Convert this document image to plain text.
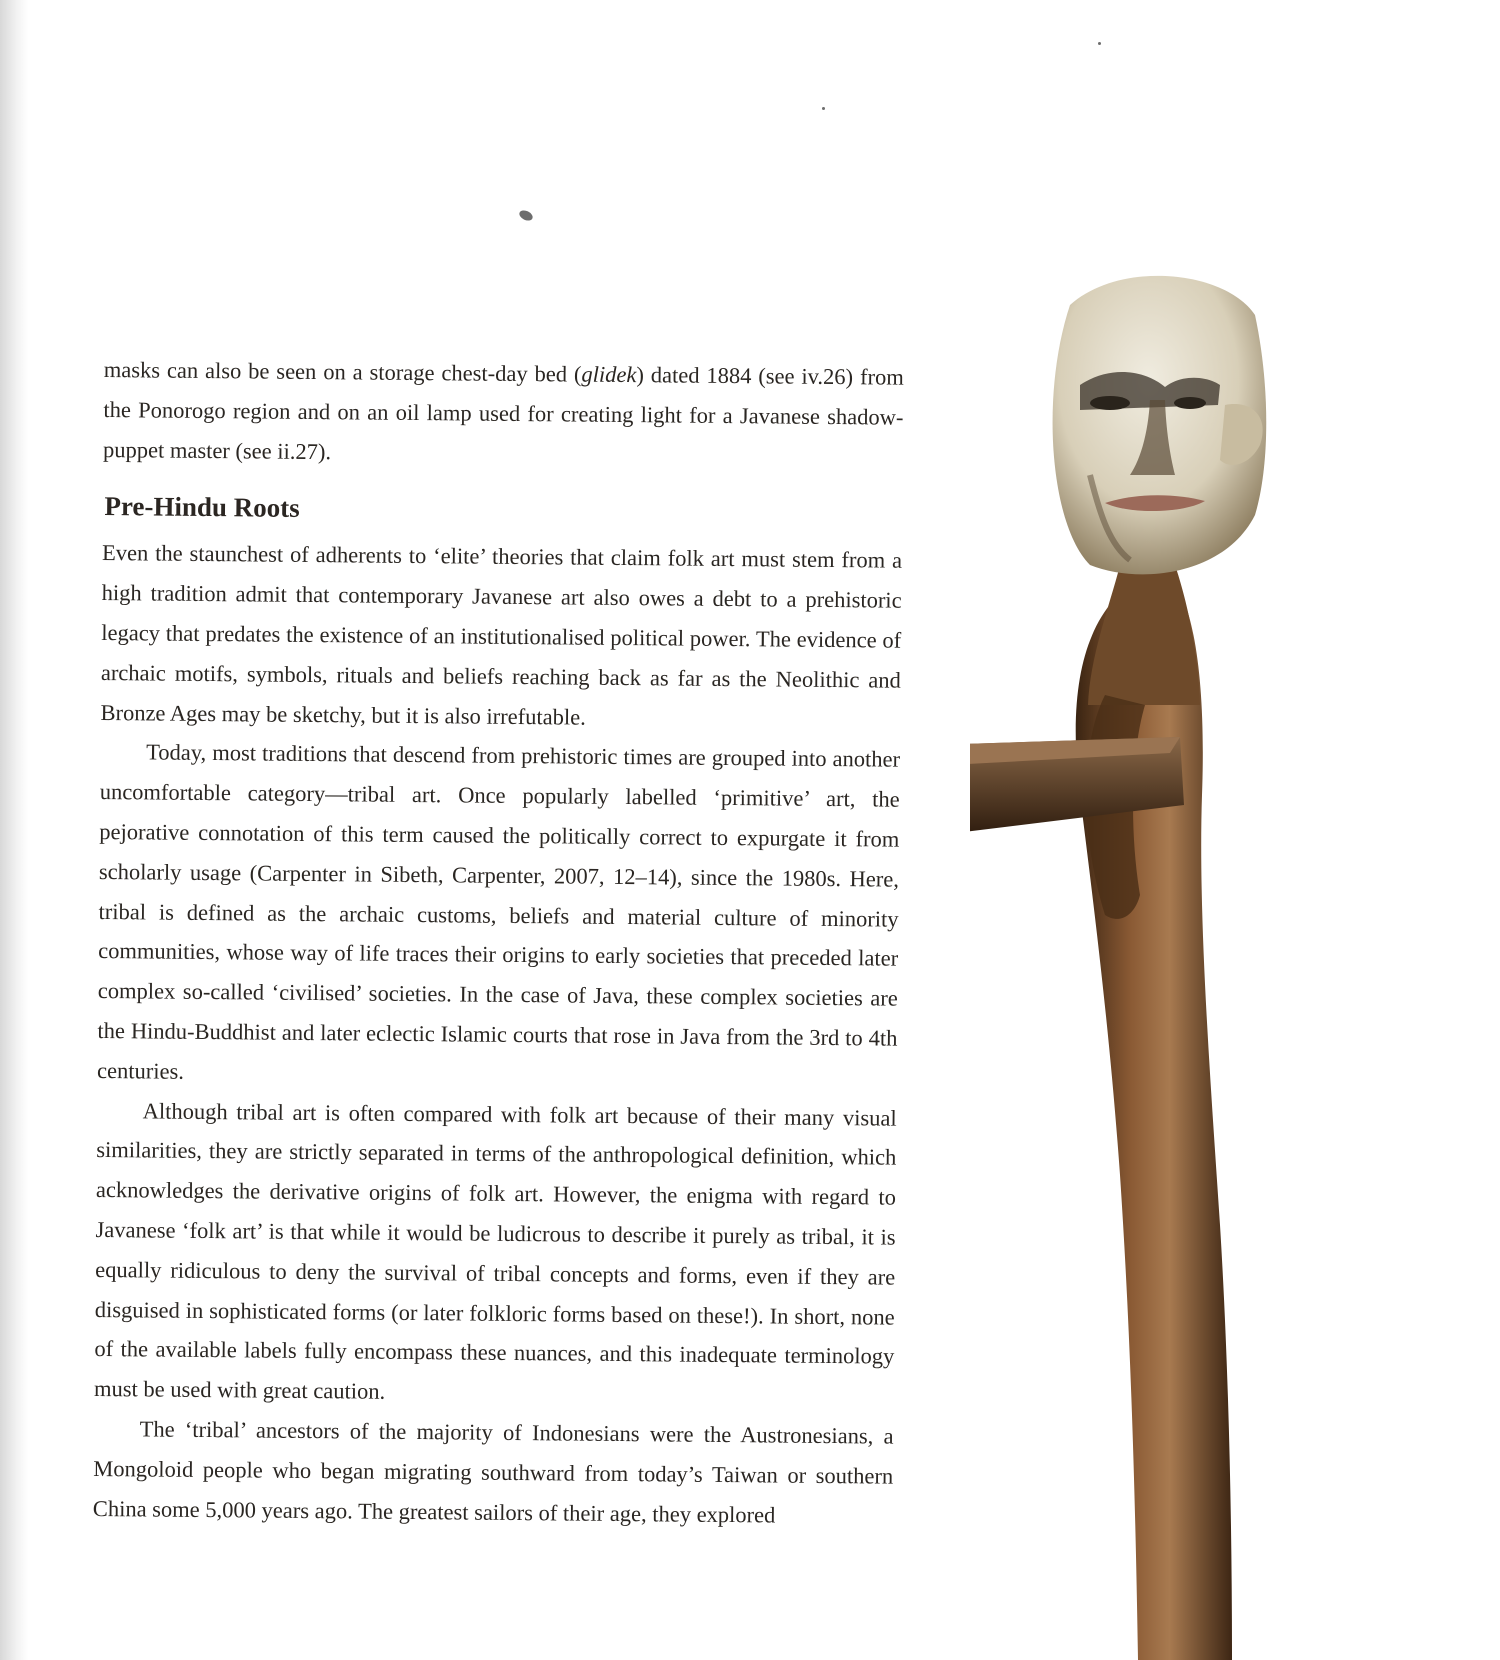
masks can also be seen on a storage chest-day bed (glidek) dated 1884 (see iv.26) from the Ponorogo region and on an oil lamp used for creating light for a Javanese shadow-puppet master (see ii.27).

Pre-Hindu Roots

Even the staunchest of adherents to ‘elite’ theories that claim folk art must stem from a high tradition admit that contemporary Javanese art also owes a debt to a prehistoric legacy that predates the existence of an institutionalised political power. The evidence of archaic motifs, symbols, rituals and beliefs reaching back as far as the Neolithic and Bronze Ages may be sketchy, but it is also irrefutable.

Today, most traditions that descend from prehistoric times are grouped into another uncomfortable category—tribal art. Once popularly labelled ‘primitive’ art, the pejorative connotation of this term caused the politically correct to expurgate it from scholarly usage (Carpenter in Sibeth, Carpenter, 2007, 12–14), since the 1980s. Here, tribal is defined as the archaic customs, beliefs and material culture of minority communities, whose way of life traces their origins to early societies that preceded later complex so-called ‘civilised’ societies. In the case of Java, these complex societies are the Hindu-Buddhist and later eclectic Islamic courts that rose in Java from the 3rd to 4th centuries.

Although tribal art is often compared with folk art because of their many visual similarities, they are strictly separated in terms of the anthropological definition, which acknowledges the derivative origins of folk art. However, the enigma with regard to Javanese ‘folk art’ is that while it would be ludicrous to describe it purely as tribal, it is equally ridiculous to deny the survival of tribal concepts and forms, even if they are disguised in sophisticated forms (or later folkloric forms based on these!). In short, none of the available labels fully encompass these nuances, and this inadequate terminology must be used with great caution.

The ‘tribal’ ancestors of the majority of Indonesians were the Austronesians, a Mongoloid people who began migrating southward from today’s Taiwan or southern China some 5,000 years ago. The greatest sailors of their age, they explored
